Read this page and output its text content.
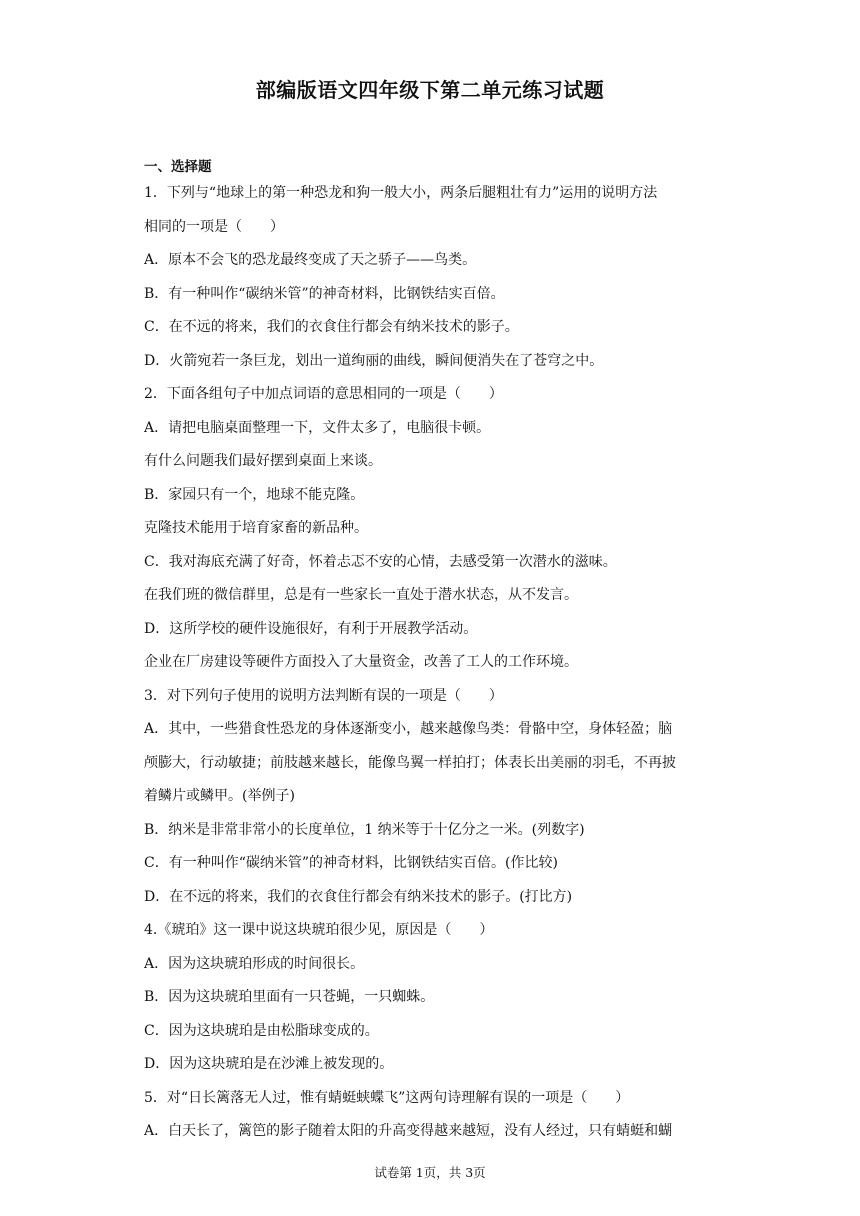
部编版语文四年级下第二单元练习试题
一、选择题
1．下列与“地球上的第一种恐龙和狗一般大小，两条后腿粗壮有力”运用的说明方法
相同的一项是（　　）
A．原本不会飞的恐龙最终变成了天之骄子——鸟类。
B．有一种叫作“碳纳米管”的神奇材料，比钢铁结实百倍。
C．在不远的将来，我们的衣食住行都会有纳米技术的影子。
D．火箭宛若一条巨龙，划出一道绚丽的曲线，瞬间便消失在了苍穹之中。
2．下面各组句子中加点词语的意思相同的一项是（　　）
A．请把电脑桌面整理一下，文件太多了，电脑很卡顿。
有什么问题我们最好摆到桌面上来谈。
B．家园只有一个，地球不能克隆。
克隆技术能用于培育家畜的新品种。
C．我对海底充满了好奇，怀着忐忑不安的心情，去感受第一次潜水的滋味。
在我们班的微信群里，总是有一些家长一直处于潜水状态，从不发言。
D．这所学校的硬件设施很好，有利于开展教学活动。
企业在厂房建设等硬件方面投入了大量资金，改善了工人的工作环境。
3．对下列句子使用的说明方法判断有误的一项是（　　）
A．其中，一些猎食性恐龙的身体逐渐变小，越来越像鸟类：骨骼中空，身体轻盈；脑
颅膨大，行动敏捷；前肢越来越长，能像鸟翼一样拍打；体表长出美丽的羽毛，不再披
着鳞片或鳞甲。(举例子)
B．纳米是非常非常小的长度单位，1 纳米等于十亿分之一米。(列数字)
C．有一种叫作“碳纳米管”的神奇材料，比钢铁结实百倍。(作比较)
D．在不远的将来，我们的衣食住行都会有纳米技术的影子。(打比方)
4.《琥珀》这一课中说这块琥珀很少见，原因是（　　）
A．因为这块琥珀形成的时间很长。
B．因为这块琥珀里面有一只苍蝇，一只蜘蛛。
C．因为这块琥珀是由松脂球变成的。
D．因为这块琥珀是在沙滩上被发现的。
5．对“日长篱落无人过，惟有蜻蜓蛱蝶飞”这两句诗理解有误的一项是（　　）
A．白天长了，篱笆的影子随着太阳的升高变得越来越短，没有人经过，只有蜻蜓和蝴
试卷第 1页，共 3页
